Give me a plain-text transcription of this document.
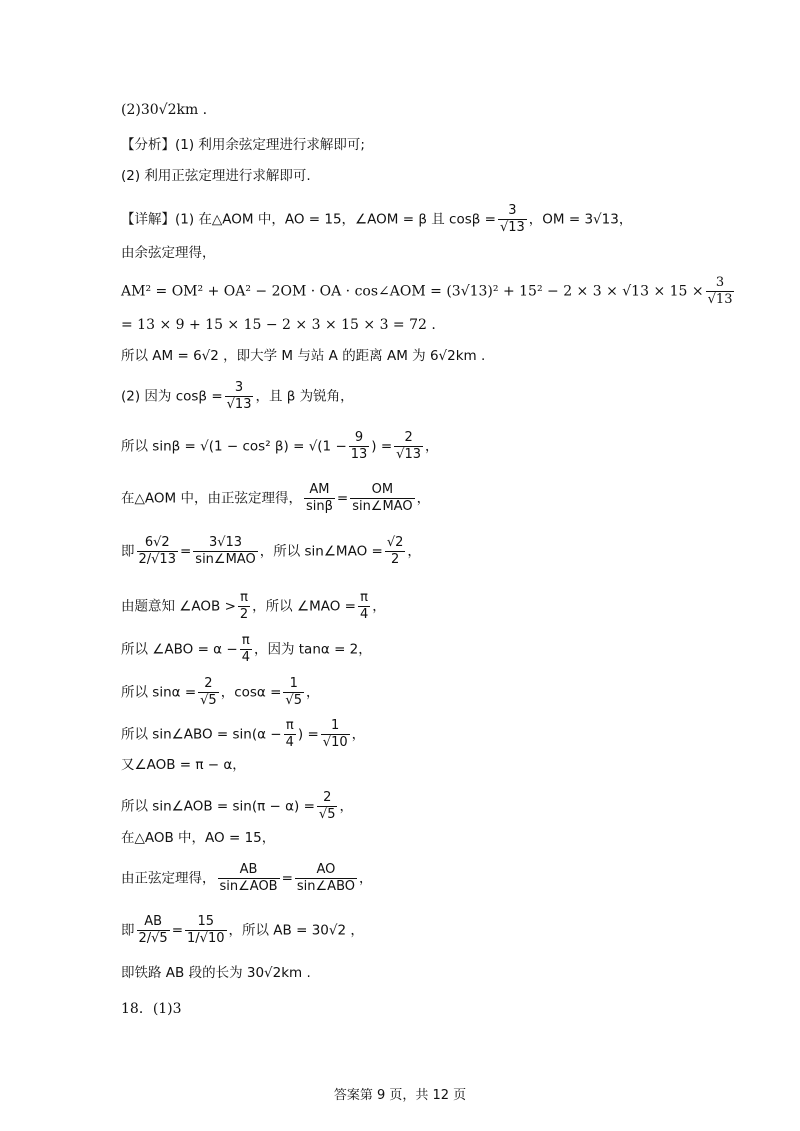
(2)30√2km .
【分析】(1) 利用余弦定理进行求解即可;
(2) 利用正弦定理进行求解即可.
【详解】(1) 在△AOM 中，AO = 15，∠AOM = β 且 $\cos\beta = \frac{3}{√13}$ ，OM = 3√13，
由余弦定理得，
AM² = OM² + OA² − 2OM · OA · cos∠AOM = $(3√13)^2 + 15^2 - 2 \times 3 \times √13 \times 15 \times \frac{3}{√13}$
= 13 × 9 + 15 × 15 − 2 × 3 × 15 × 3 = 72 .
所以 AM = 6√2 ，即大学 M 与站 A 的距离 AM 为 6√2km .
(2) 因为 $\cos\beta = \frac{3}{√13}$ ，且 β 为锐角，
所以 sinβ = √(1 − cos² $\beta) = √(1 - \frac{9}{13}$ ) = $\frac{2}{√13}$ ，
在△AOM 中，由正弦定理得， $\frac{AM}{\sin\beta} = \frac{OM}{\text{sin∠MAO}}$ ，
即 $\frac{6√2}{2/√13} = \frac{3√13}{\text{sin∠MAO}}$ ，所以 sin∠MAO = $\frac{√2}{2}$ ，
由题意知 ∠AOB > $\frac{\pi}{2}$ ，所以 ∠MAO = $\frac{\pi}{4}$ ，
所以 ∠ABO = $\alpha - \frac{\pi}{4}$ ，因为 tanα = 2，
所以 $\sin\alpha = \frac{2}{√5}$ ，$\cos\alpha = \frac{1}{√5}$ ，
所以 sin∠ABO = $\sin(\alpha - \frac{\pi}{4}$ ) = $\frac{1}{√10}$ ，
又∠AOB = π − α，
所以 sin∠AOB = $\sin(\pi - \alpha) = \frac{2}{√5}$ ，
在△AOB 中，AO = 15，
由正弦定理得， $\frac{AB}{\text{sin∠AOB}} = \frac{AO}{\text{sin∠ABO}}$ ，
即 $\frac{AB}{2/√5} = \frac{15}{1/√10}$ ，所以 AB = 30√2 ，
即铁路 AB 段的长为 30√2km .
18．(1)3
答案第 9 页，共 12 页
